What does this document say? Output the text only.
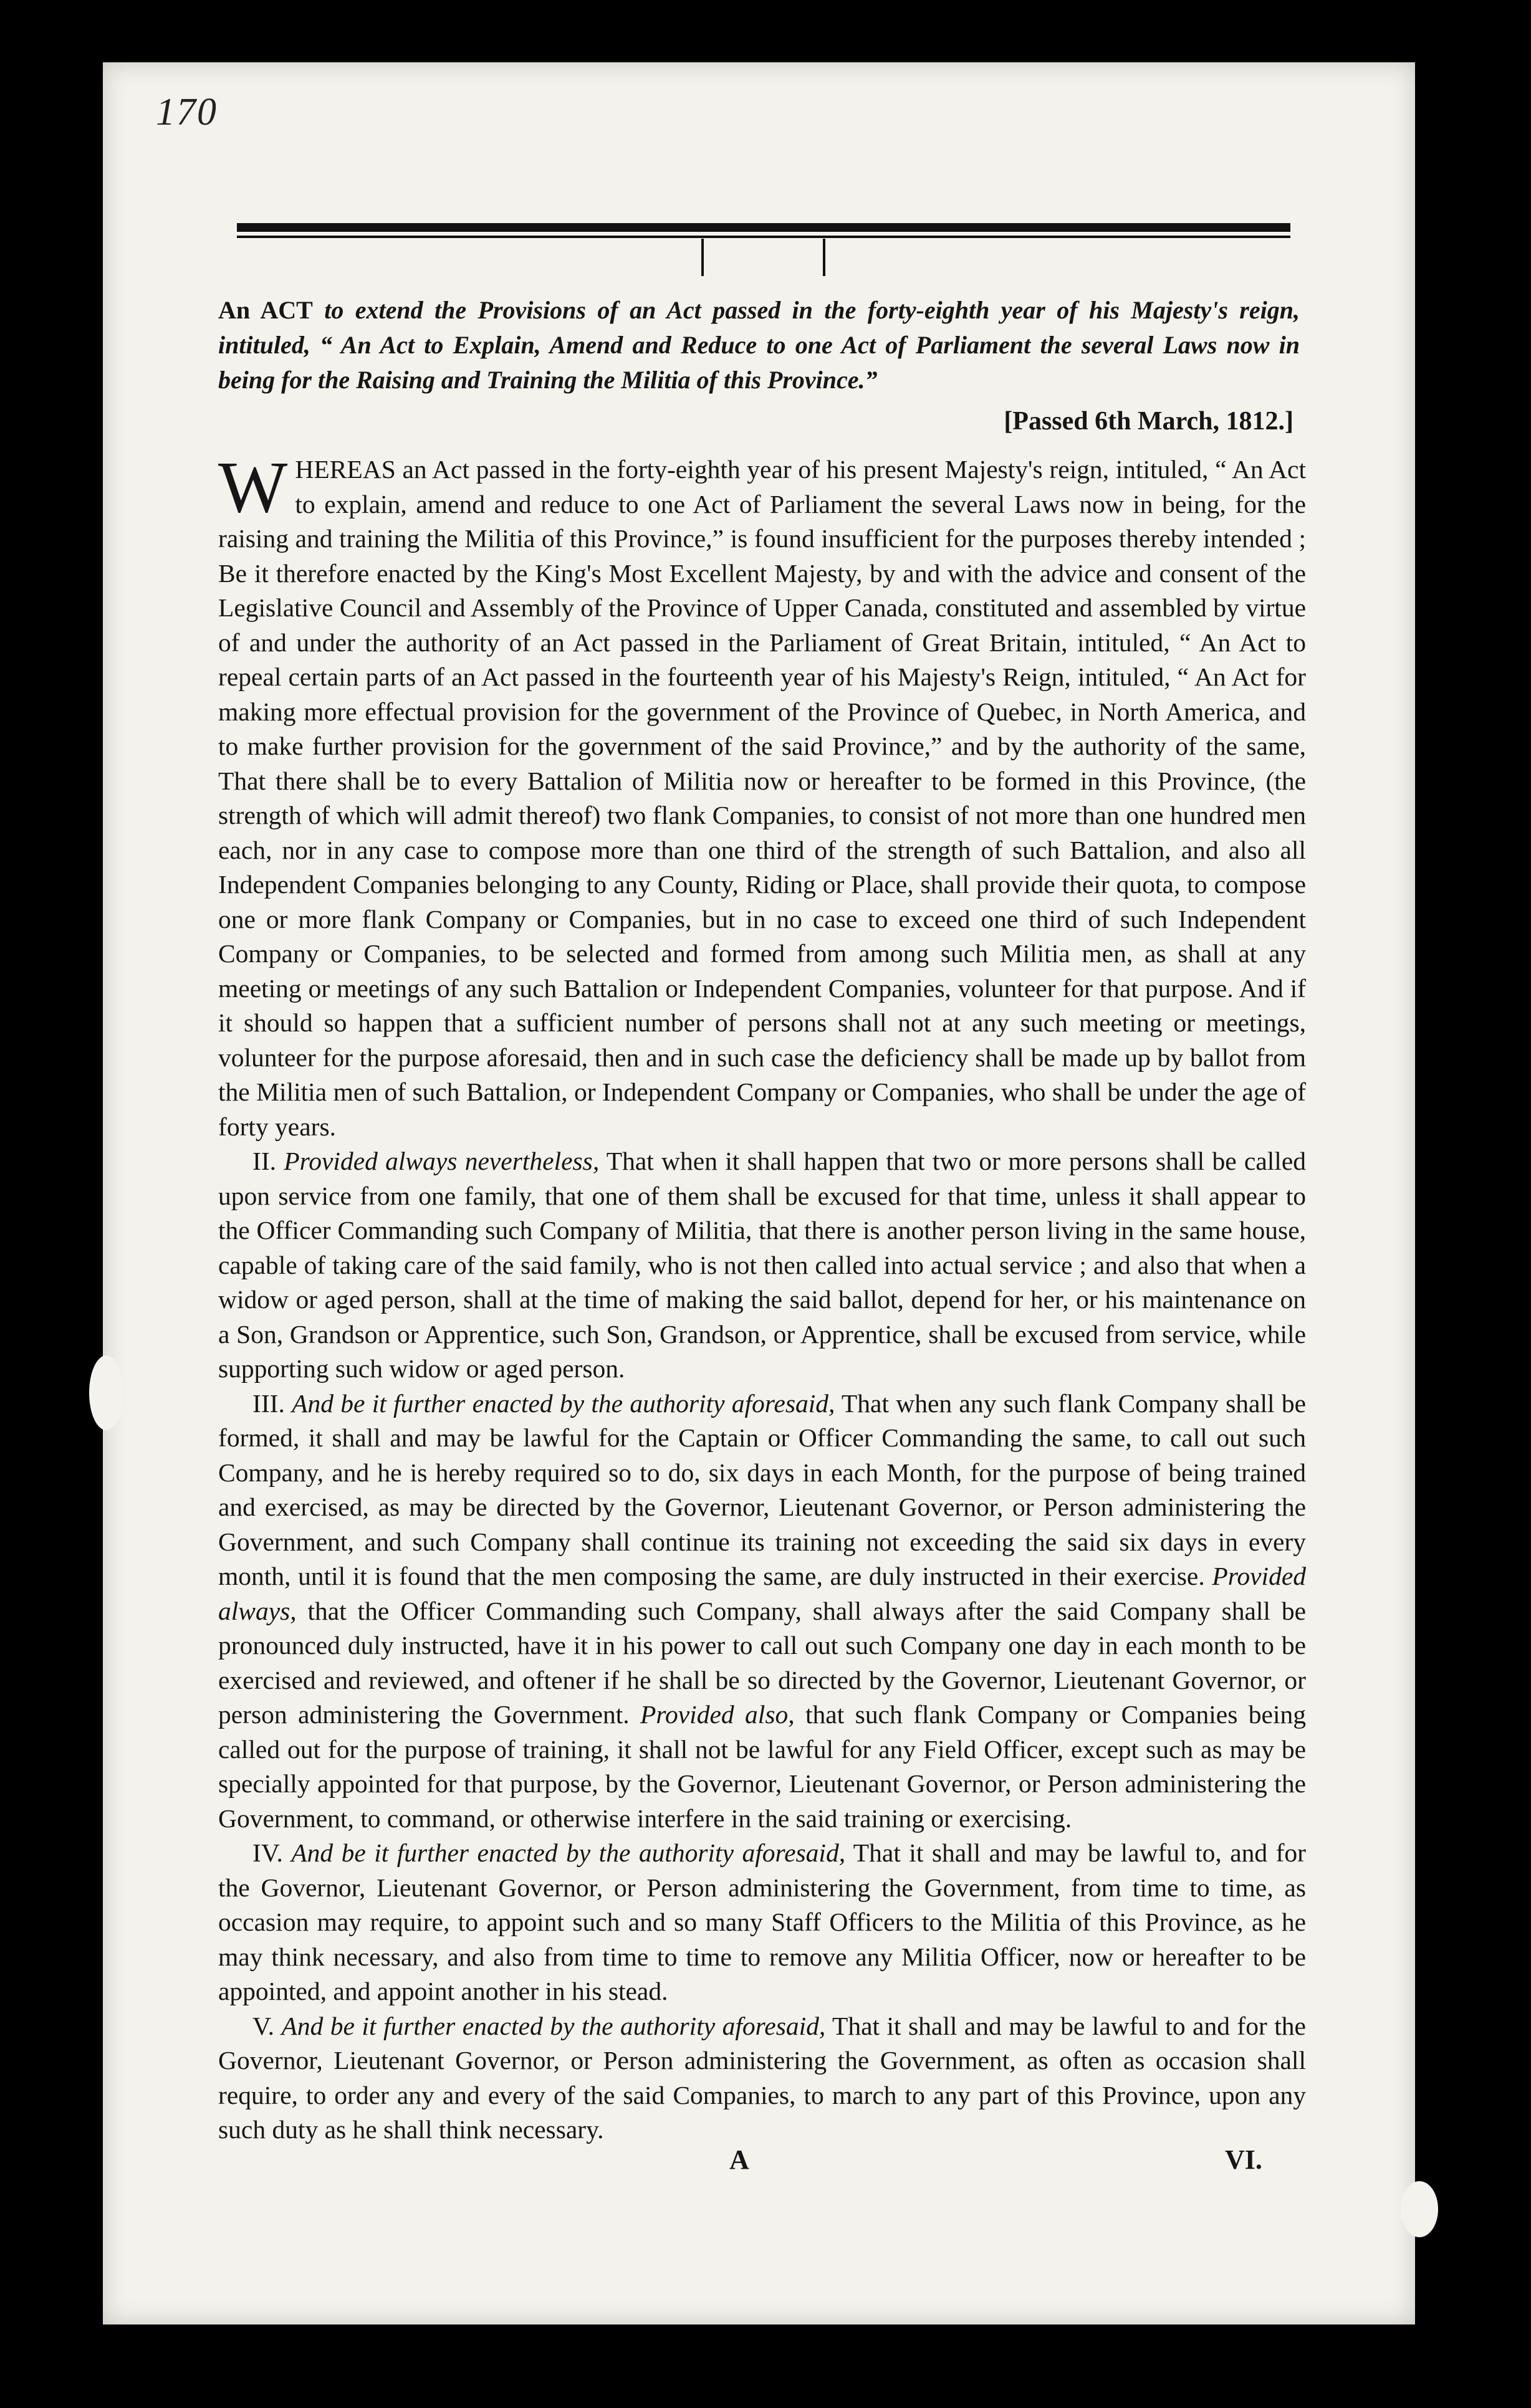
170

An ACT to extend the Provisions of an Act passed in the forty-eighth year of his Majesty's reign, intituled, “ An Act to Explain, Amend and Reduce to one Act of Parliament the several Laws now in being for the Raising and Training the Militia of this Province.”

[Passed 6th March, 1812.]

WHEREAS an Act passed in the forty-eighth year of his present Majesty's reign, intituled, “ An Act to explain, amend and reduce to one Act of Parliament the several Laws now in being, for the raising and training the Militia of this Province,” is found insufficient for the purposes thereby intended ; Be it therefore enacted by the King's Most Excellent Majesty, by and with the advice and consent of the Legislative Council and Assembly of the Province of Upper Canada, constituted and assembled by virtue of and under the authority of an Act passed in the Parliament of Great Britain, intituled, “ An Act to repeal certain parts of an Act passed in the fourteenth year of his Majesty's Reign, intituled, “ An Act for making more effectual provision for the government of the Province of Quebec, in North America, and to make further provision for the government of the said Province,” and by the authority of the same, That there shall be to every Battalion of Militia now or hereafter to be formed in this Province, (the strength of which will admit thereof) two flank Companies, to consist of not more than one hundred men each, nor in any case to compose more than one third of the strength of such Battalion, and also all Independent Companies belonging to any County, Riding or Place, shall provide their quota, to compose one or more flank Company or Companies, but in no case to exceed one third of such Independent Company or Companies, to be selected and formed from among such Militia men, as shall at any meeting or meetings of any such Battalion or Independent Companies, volunteer for that purpose. And if it should so happen that a sufficient number of persons shall not at any such meeting or meetings, volunteer for the purpose aforesaid, then and in such case the deficiency shall be made up by ballot from the Militia men of such Battalion, or Independent Company or Companies, who shall be under the age of forty years.

II. Provided always nevertheless, That when it shall happen that two or more persons shall be called upon service from one family, that one of them shall be excused for that time, unless it shall appear to the Officer Commanding such Company of Militia, that there is another person living in the same house, capable of taking care of the said family, who is not then called into actual service ; and also that when a widow or aged person, shall at the time of making the said ballot, depend for her, or his maintenance on a Son, Grandson or Apprentice, such Son, Grandson, or Apprentice, shall be excused from service, while supporting such widow or aged person.

III. And be it further enacted by the authority aforesaid, That when any such flank Company shall be formed, it shall and may be lawful for the Captain or Officer Commanding the same, to call out such Company, and he is hereby required so to do, six days in each Month, for the purpose of being trained and exercised, as may be directed by the Governor, Lieutenant Governor, or Person administering the Government, and such Company shall continue its training not exceeding the said six days in every month, until it is found that the men composing the same, are duly instructed in their exercise. Provided always, that the Officer Commanding such Company, shall always after the said Company shall be pronounced duly instructed, have it in his power to call out such Company one day in each month to be exercised and reviewed, and oftener if he shall be so directed by the Governor, Lieutenant Governor, or person administering the Government. Provided also, that such flank Company or Companies being called out for the purpose of training, it shall not be lawful for any Field Officer, except such as may be specially appointed for that purpose, by the Governor, Lieutenant Governor, or Person administering the Government, to command, or otherwise interfere in the said training or exercising.

IV. And be it further enacted by the authority aforesaid, That it shall and may be lawful to, and for the Governor, Lieutenant Governor, or Person administering the Government, from time to time, as occasion may require, to appoint such and so many Staff Officers to the Militia of this Province, as he may think necessary, and also from time to time to remove any Militia Officer, now or hereafter to be appointed, and appoint another in his stead.

V. And be it further enacted by the authority aforesaid, That it shall and may be lawful to and for the Governor, Lieutenant Governor, or Person administering the Government, as often as occasion shall require, to order any and every of the said Companies, to march to any part of this Province, upon any such duty as he shall think necessary.

A	VI.
